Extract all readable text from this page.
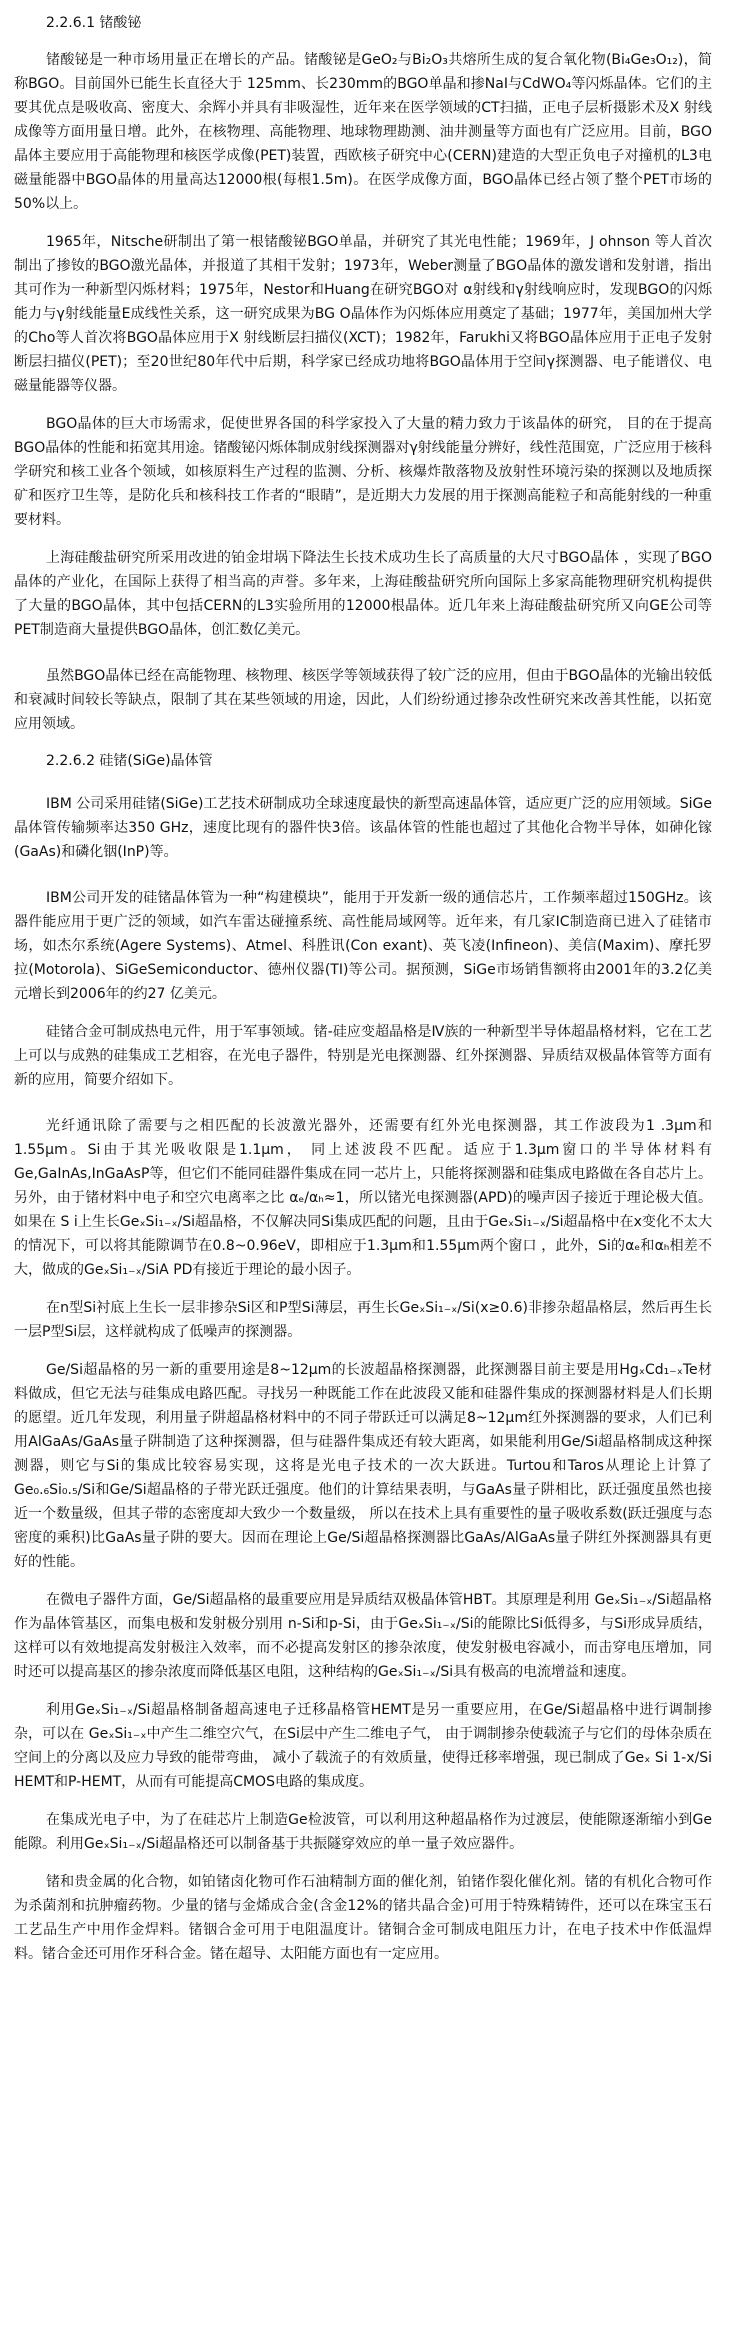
2.2.6.1 锗酸铋

锗酸铋是一种市场用量正在增长的产品。锗酸铋是GeO₂与Bi₂O₃共熔所生成的复合氧化物(Bi₄Ge₃O₁₂)，简称BGO。目前国外已能生长直径大于 125mm、长230mm的BGO单晶和掺NaI与CdWO₄等闪烁晶体。它们的主要其优点是吸收高、密度大、余辉小并具有非吸湿性，近年来在医学领域的CT扫描，正电子层析摄影术及X 射线成像等方面用量日增。此外，在核物理、高能物理、地球物理勘测、油井测量等方面也有广泛应用。目前，BGO晶体主要应用于高能物理和核医学成像(PET)装置，西欧核子研究中心(CERN)建造的大型正负电子对撞机的L3电磁量能器中BGO晶体的用量高达12000根(每根1.5m)。在医学成像方面，BGO晶体已经占领了整个PET市场的50%以上。

1965年，Nitsche研制出了第一根锗酸铋BGO单晶，并研究了其光电性能；1969年，J ohnson 等人首次制出了掺钕的BGO激光晶体，并报道了其相干发射；1973年，Weber测量了BGO晶体的激发谱和发射谱，指出其可作为一种新型闪烁材料；1975年，Nestor和Huang在研究BGO对 α射线和γ射线响应时，发现BGO的闪烁能力与γ射线能量E成线性关系，这一研究成果为BG O晶体作为闪烁体应用奠定了基础；1977年，美国加州大学的Cho等人首次将BGO晶体应用于X 射线断层扫描仪(XCT)；1982年，Farukhi又将BGO晶体应用于正电子发射断层扫描仪(PET)；至20世纪80年代中后期，科学家已经成功地将BGO晶体用于空间γ探测器、电子能谱仪、电磁量能器等仪器。

BGO晶体的巨大市场需求，促使世界各国的科学家投入了大量的精力致力于该晶体的研究， 目的在于提高BGO晶体的性能和拓宽其用途。锗酸铋闪烁体制成射线探测器对γ射线能量分辨好，线性范围宽，广泛应用于核科学研究和核工业各个领域，如核原料生产过程的监测、分析、核爆炸散落物及放射性环境污染的探测以及地质探矿和医疗卫生等，是防化兵和核科技工作者的“眼睛”，是近期大力发展的用于探测高能粒子和高能射线的一种重要材料。

上海硅酸盐研究所采用改进的铂金坩埚下降法生长技术成功生长了高质量的大尺寸BGO晶体 ，实现了BGO晶体的产业化，在国际上获得了相当高的声誉。多年来，上海硅酸盐研究所向国际上多家高能物理研究机构提供了大量的BGO晶体，其中包括CERN的L3实验所用的12000根晶体。近几年来上海硅酸盐研究所又向GE公司等PET制造商大量提供BGO晶体，创汇数亿美元。

虽然BGO晶体已经在高能物理、核物理、核医学等领域获得了较广泛的应用，但由于BGO晶体的光输出较低和衰减时间较长等缺点，限制了其在某些领域的用途，因此，人们纷纷通过掺杂改性研究来改善其性能，以拓宽应用领域。

2.2.6.2 硅锗(SiGe)晶体管

IBM 公司采用硅锗(SiGe)工艺技术研制成功全球速度最快的新型高速晶体管，适应更广泛的应用领域。SiGe晶体管传输频率达350 GHz，速度比现有的器件快3倍。该晶体管的性能也超过了其他化合物半导体，如砷化镓(GaAs)和磷化铟(InP)等。

IBM公司开发的硅锗晶体管为一种“构建模块”，能用于开发新一级的通信芯片，工作频率超过150GHz。该器件能应用于更广泛的领域，如汽车雷达碰撞系统、高性能局域网等。近年来，有几家IC制造商已进入了硅锗市场，如杰尔系统(Agere Systems)、Atmel、科胜讯(Con exant)、英飞凌(Infineon)、美信(Maxim)、摩托罗拉(Motorola)、SiGeSemiconductor、德州仪器(TI)等公司。据预测，SiGe市场销售额将由2001年的3.2亿美元增长到2006年的约27 亿美元。

硅锗合金可制成热电元件，用于军事领域。锗-硅应变超晶格是Ⅳ族的一种新型半导体超晶格材料，它在工艺上可以与成熟的硅集成工艺相容，在光电子器件，特别是光电探测器、红外探测器、异质结双极晶体管等方面有新的应用，简要介绍如下。

光纤通讯除了需要与之相匹配的长波激光器外，还需要有红外光电探测器，其工作波段为1 .3μm和1.55μm。Si由于其光吸收限是1.1μm， 同上述波段不匹配。适应于1.3μm窗口的半导体材料有Ge,GaInAs,InGaAsP等，但它们不能同硅器件集成在同一芯片上，只能将探测器和硅集成电路做在各自芯片上。另外，由于锗材料中电子和空穴电离率之比 αₑ/αₕ≈1，所以锗光电探测器(APD)的噪声因子接近于理论极大值。如果在 S i上生长GeₓSi₁₋ₓ/Si超晶格，不仅解决同Si集成匹配的问题，且由于GeₓSi₁₋ₓ/Si超晶格中在x变化不太大的情况下，可以将其能隙调节在0.8~0.96eV，即相应于1.3μm和1.55μm两个窗口 ，此外，Si的αₑ和αₕ相差不大，做成的GeₓSi₁₋ₓ/SiA PD有接近于理论的最小因子。

在n型Si衬底上生长一层非掺杂Si区和P型Si薄层，再生长GeₓSi₁₋ₓ/Si(x≥0.6)非掺杂超晶格层，然后再生长一层P型Si层，这样就构成了低噪声的探测器。

Ge/Si超晶格的另一新的重要用途是8~12μm的长波超晶格探测器，此探测器目前主要是用HgₓCd₁₋ₓTe材料做成，但它无法与硅集成电路匹配。寻找另一种既能工作在此波段又能和硅器件集成的探测器材料是人们长期的愿望。近几年发现，利用量子阱超晶格材料中的不同子带跃迁可以满足8~12μm红外探测器的要求，人们已利用AlGaAs/GaAs量子阱制造了这种探测器，但与硅器件集成还有较大距离，如果能利用Ge/Si超晶格制成这种探测器，则它与Si的集成比较容易实现，这将是光电子技术的一次大跃进。Turtou和Taros从理论上计算了Ge₀.₆Si₀.₅/Si和Ge/Si超晶格的子带光跃迁强度。他们的计算结果表明，与GaAs量子阱相比，跃迁强度虽然也接近一个数量级，但其子带的态密度却大致少一个数量级， 所以在技术上具有重要性的量子吸收系数(跃迁强度与态密度的乘积)比GaAs量子阱的要大。因而在理论上Ge/Si超晶格探测器比GaAs/AlGaAs量子阱红外探测器具有更好的性能。

在微电子器件方面，Ge/Si超晶格的最重要应用是异质结双极晶体管HBT。其原理是利用 GeₓSi₁₋ₓ/Si超晶格作为晶体管基区，而集电极和发射极分别用 n-Si和p-Si，由于GeₓSi₁₋ₓ/Si的能隙比Si低得多，与Si形成异质结，这样可以有效地提高发射极注入效率，而不必提高发射区的掺杂浓度，使发射极电容减小，而击穿电压增加，同时还可以提高基区的掺杂浓度而降低基区电阻，这种结构的GeₓSi₁₋ₓ/Si具有极高的电流增益和速度。

利用GeₓSi₁₋ₓ/Si超晶格制备超高速电子迁移晶格管HEMT是另一重要应用，在Ge/Si超晶格中进行调制掺杂，可以在 GeₓSi₁₋ₓ中产生二维空穴气，在Si层中产生二维电子气， 由于调制掺杂使载流子与它们的母体杂质在空间上的分离以及应力导致的能带弯曲， 减小了载流子的有效质量，使得迁移率增强，现已制成了Geₓ Si 1-x/Si HEMT和P-HEMT，从而有可能提高CMOS电路的集成度。

在集成光电子中，为了在硅芯片上制造Ge检波管，可以利用这种超晶格作为过渡层，使能隙逐渐缩小到Ge能隙。利用GeₓSi₁₋ₓ/Si超晶格还可以制备基于共振隧穿效应的单一量子效应器件。

锗和贵金属的化合物，如铂锗卤化物可作石油精制方面的催化剂，铂锗作裂化催化剂。锗的有机化合物可作为杀菌剂和抗肿瘤药物。少量的锗与金烯成合金(含金12%的锗共晶合金)可用于特殊精铸件，还可以在珠宝玉石工艺品生产中用作金焊料。锗铟合金可用于电阻温度计。锗铜合金可制成电阻压力计，在电子技术中作低温焊料。锗合金还可用作牙科合金。锗在超导、太阳能方面也有一定应用。
